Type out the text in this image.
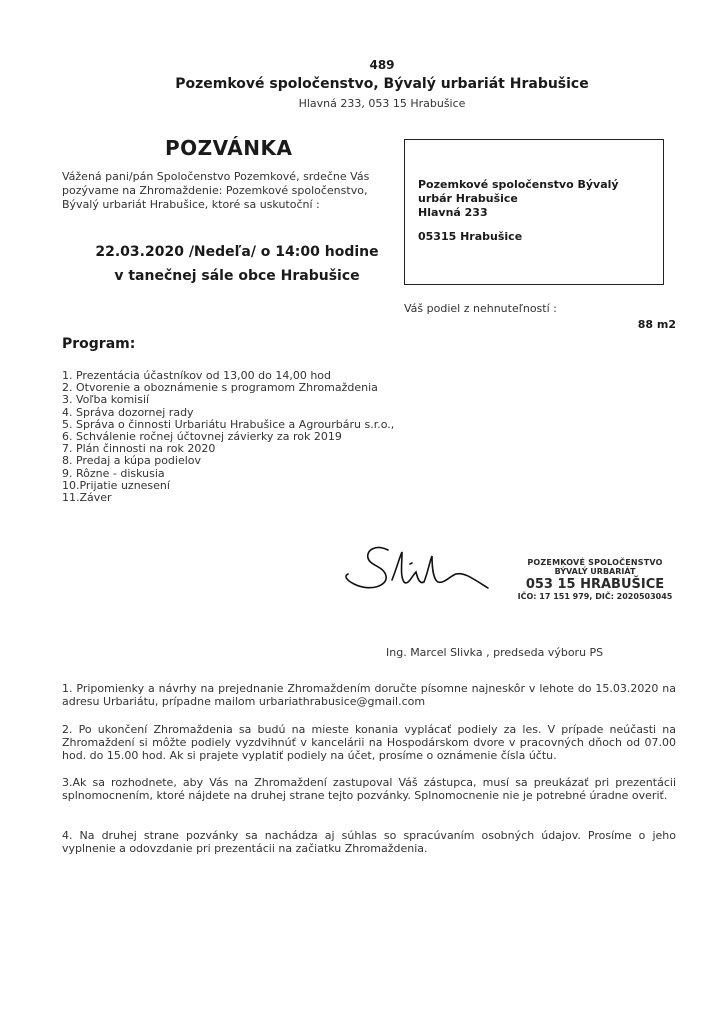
489
Pozemkové spoločenstvo, Bývalý urbariát Hrabušice
Hlavná 233, 053 15 Hrabušice
POZVÁNKA
Vážená pani/pán Spoločenstvo Pozemkové, srdečne Vás pozývame na Zhromaždenie: Pozemkové spoločenstvo, Bývalý urbariát Hrabušice, ktoré sa uskutoční :
22.03.2020 /Nedeľa/ o 14:00 hodine
v tanečnej sále obce Hrabušice
Pozemkové spoločenstvo Bývalý urbár Hrabušice
Hlavná 233
05315 Hrabušice
Váš podiel z nehnuteľností :
88 m2
Program:
1. Prezentácia účastníkov od 13,00 do 14,00 hod
2. Otvorenie a oboznámenie s programom Zhromaždenia
3. Voľba komisií
4. Správa dozornej rady
5. Správa o činnosti Urbariátu Hrabušice a Agrourbáru s.r.o.,
6. Schválenie ročnej účtovnej závierky za rok 2019
7. Plán činnosti na rok 2020
8. Predaj a kúpa podielov
9. Rôzne - diskusia
10.Prijatie uznesení
11.Záver
POZEMKOVÉ SPOLOČENSTVO
BÝVALÝ URBARIÁT
053 15 HRABUŠICE
IČO: 17 151 979, DIČ: 2020503045
Ing. Marcel Slivka , predseda výboru PS
1. Pripomienky a návrhy na prejednanie Zhromaždením doručte písomne najneskôr v lehote do 15.03.2020 na adresu Urbariátu, prípadne mailom urbariathrabusice@gmail.com
2. Po ukončení Zhromaždenia sa budú na mieste konania vyplácať podiely za les. V prípade neúčasti na Zhromaždení si môžte podiely vyzdvihnúť v kancelárii na Hospodárskom dvore v pracovných dňoch od 07.00 hod. do 15.00 hod. Ak si prajete vyplatiť podiely na účet, prosíme o oznámenie čísla účtu.
3.Ak sa rozhodnete, aby Vás na Zhromaždení zastupoval Váš zástupca, musí sa preukázať pri prezentácii splnomocnením, ktoré nájdete na druhej strane tejto pozvánky. Splnomocnenie nie je potrebné úradne overiť.
4. Na druhej strane pozvánky sa nachádza aj súhlas so spracúvaním osobných údajov. Prosíme o jeho vyplnenie a odovzdanie pri prezentácii na začiatku Zhromaždenia.
